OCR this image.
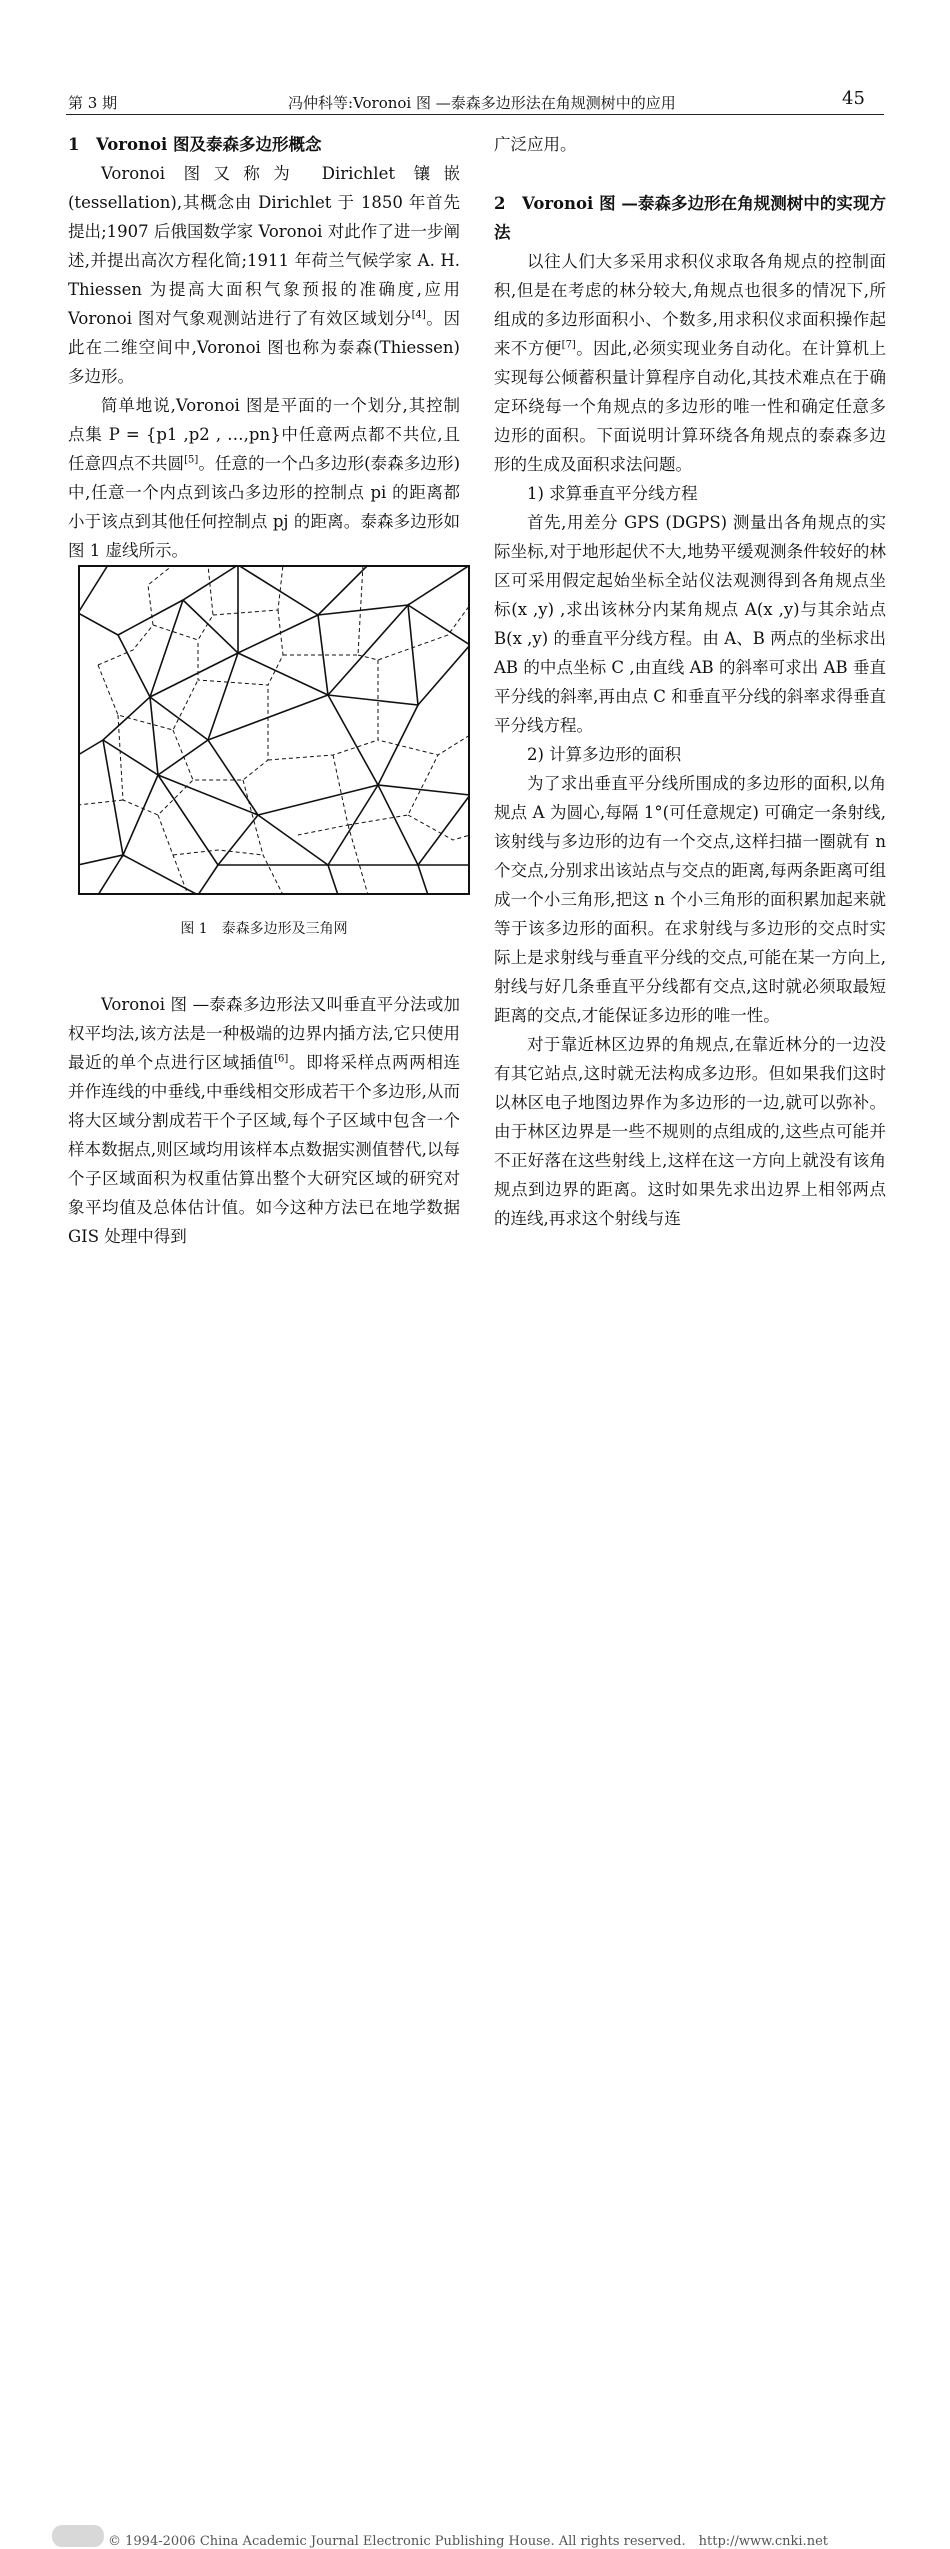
第 3 期	冯仲科等:Voronoi 图 —泰森多边形法在角规测树中的应用	45

1　Voronoi 图及泰森多边形概念

Voronoi 图又称为 Dirichlet 镶嵌(tessellation),其概念由 Dirichlet 于 1850 年首先提出;1907 后俄国数学家 Voronoi 对此作了进一步阐述,并提出高次方程化简;1911 年荷兰气候学家 A. H. Thiessen 为提高大面积气象预报的准确度,应用 Voronoi 图对气象观测站进行了有效区域划分[4]。因此在二维空间中,Voronoi 图也称为泰森(Thiessen)多边形。

简单地说,Voronoi 图是平面的一个划分,其控制点集 P = {p1 ,p2 , …,pn}中任意两点都不共位,且任意四点不共圆[5]。任意的一个凸多边形(泰森多边形)中,任意一个内点到该凸多边形的控制点 pi 的距离都小于该点到其他任何控制点 pj 的距离。泰森多边形如图 1 虚线所示。

图 1　泰森多边形及三角网

Voronoi 图 —泰森多边形法又叫垂直平分法或加权平均法,该方法是一种极端的边界内插方法,它只使用最近的单个点进行区域插值[6]。即将采样点两两相连并作连线的中垂线,中垂线相交形成若干个多边形,从而将大区域分割成若干个子区域,每个子区域中包含一个样本数据点,则区域均用该样本点数据实测值替代,以每个子区域面积为权重估算出整个大研究区域的研究对象平均值及总体估计值。如今这种方法已在地学数据 GIS 处理中得到

广泛应用。

2　Voronoi 图 —泰森多边形在角规测树中的实现方法

以往人们大多采用求积仪求取各角规点的控制面积,但是在考虑的林分较大,角规点也很多的情况下,所组成的多边形面积小、个数多,用求积仪求面积操作起来不方便[7]。因此,必须实现业务自动化。在计算机上实现每公倾蓄积量计算程序自动化,其技术难点在于确定环绕每一个角规点的多边形的唯一性和确定任意多边形的面积。下面说明计算环绕各角规点的泰森多边形的生成及面积求法问题。

1) 求算垂直平分线方程

首先,用差分 GPS (DGPS) 测量出各角规点的实际坐标,对于地形起伏不大,地势平缓观测条件较好的林区可采用假定起始坐标全站仪法观测得到各角规点坐标(x ,y) ,求出该林分内某角规点 A(x ,y)与其余站点 B(x ,y) 的垂直平分线方程。由 A、B 两点的坐标求出 AB 的中点坐标 C ,由直线 AB 的斜率可求出 AB 垂直平分线的斜率,再由点 C 和垂直平分线的斜率求得垂直平分线方程。

2) 计算多边形的面积

为了求出垂直平分线所围成的多边形的面积,以角规点 A 为圆心,每隔 1°(可任意规定) 可确定一条射线,该射线与多边形的边有一个交点,这样扫描一圈就有 n 个交点,分别求出该站点与交点的距离,每两条距离可组成一个小三角形,把这 n 个小三角形的面积累加起来就等于该多边形的面积。在求射线与多边形的交点时实际上是求射线与垂直平分线的交点,可能在某一方向上,射线与好几条垂直平分线都有交点,这时就必须取最短距离的交点,才能保证多边形的唯一性。

对于靠近林区边界的角规点,在靠近林分的一边没有其它站点,这时就无法构成多边形。但如果我们这时以林区电子地图边界作为多边形的一边,就可以弥补。由于林区边界是一些不规则的点组成的,这些点可能并不正好落在这些射线上,这样在这一方向上就没有该角规点到边界的距离。这时如果先求出边界上相邻两点的连线,再求这个射线与连

© 1994-2006 China Academic Journal Electronic Publishing House. All rights reserved.　http://www.cnki.net
